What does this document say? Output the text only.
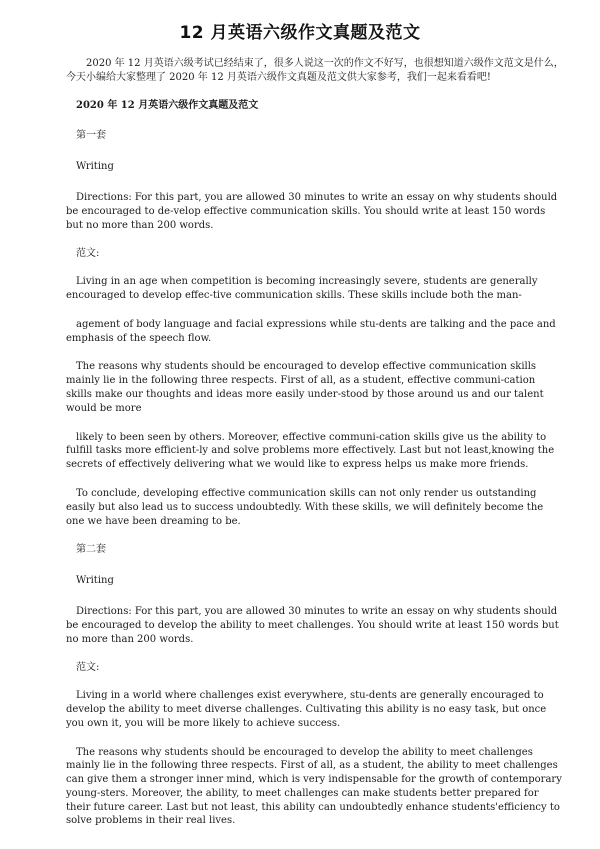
12 月英语六级作文真题及范文

2020 年 12 月英语六级考试已经结束了，很多人说这一次的作文不好写，也很想知道六级作文范文是什么，今天小编给大家整理了 2020 年 12 月英语六级作文真题及范文供大家参考，我们一起来看看吧!

2020 年 12 月英语六级作文真题及范文

第一套

Writing

Directions: For this part, you are allowed 30 minutes to write an essay on why students should be encouraged to de-velop effective communication skills. You should write at least 150 words but no more than 200 words.

范文:

Living in an age when competition is becoming increasingly severe, students are generally encouraged to develop effec-tive communication skills. These skills include both the man-

agement of body language and facial expressions while stu-dents are talking and the pace and emphasis of the speech flow.

The reasons why students should be encouraged to develop effective communication skills mainly lie in the following three respects. First of all, as a student, effective communi-cation skills make our thoughts and ideas more easily under-stood by those around us and our talent would be more

likely to been seen by others. Moreover, effective communi-cation skills give us the ability to fulfill tasks more efficient-ly and solve problems more effectively. Last but not least,knowing the secrets of effectively delivering what we would like to express helps us make more friends.

To conclude, developing effective communication skills can not only render us outstanding easily but also lead us to success undoubtedly. With these skills, we will definitely become the one we have been dreaming to be.

第二套

Writing

Directions: For this part, you are allowed 30 minutes to write an essay on why students should be encouraged to develop the ability to meet challenges. You should write at least 150 words but no more than 200 words.

范文:

Living in a world where challenges exist everywhere, stu-dents are generally encouraged to develop the ability to meet diverse challenges. Cultivating this ability is no easy task, but once you own it, you will be more likely to achieve success.

The reasons why students should be encouraged to develop the ability to meet challenges mainly lie in the following three respects. First of all, as a student, the ability to meet challenges can give them a stronger inner mind, which is very indispensable for the growth of contemporary young-sters. Moreover, the ability, to meet challenges can make students better prepared for their future career. Last but not least, this ability can undoubtedly enhance students'efficiency to solve problems in their real lives.
